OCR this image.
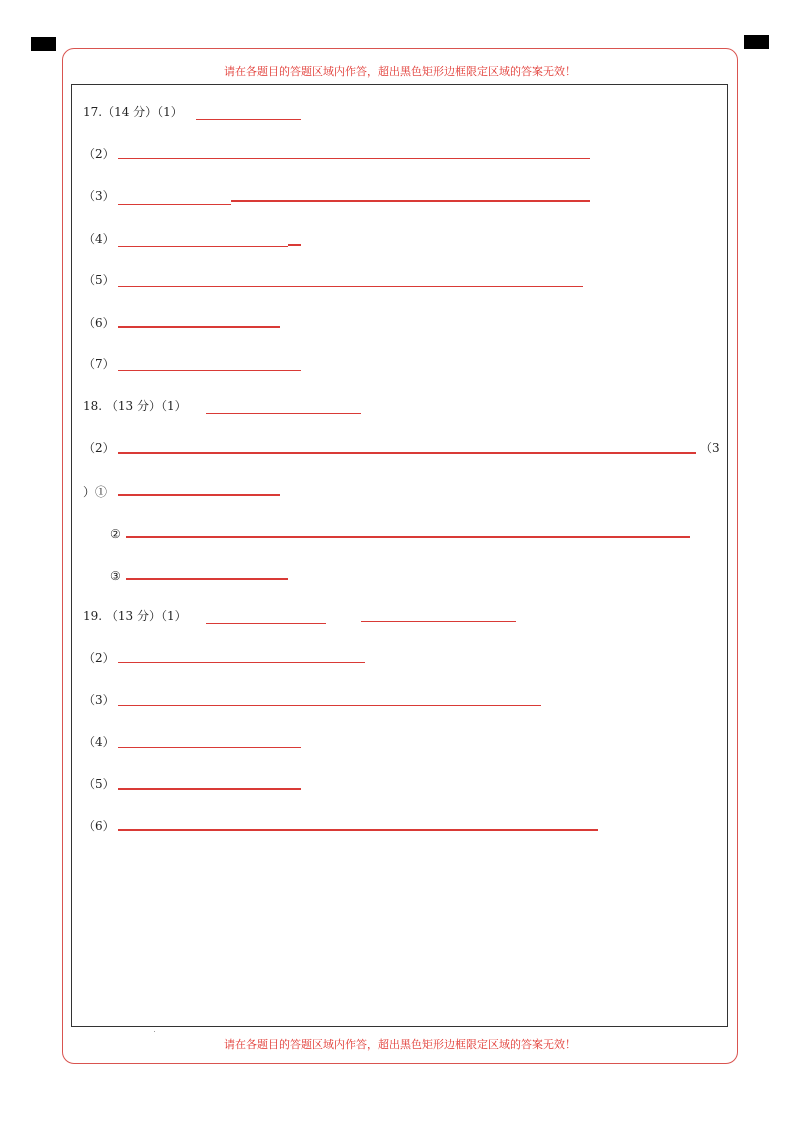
请在各题目的答题区域内作答，超出黑色矩形边框限定区域的答案无效！
请在各题目的答题区域内作答，超出黑色矩形边框限定区域的答案无效！
17.（14 分）（1）
（2）
（3）
（4）
（5）
（6）
（7）
18. （13 分）（1）
（2）	（3
）①
②
③
19. （13 分）（1）
（2）
（3）
（4）
（5）
（6）
